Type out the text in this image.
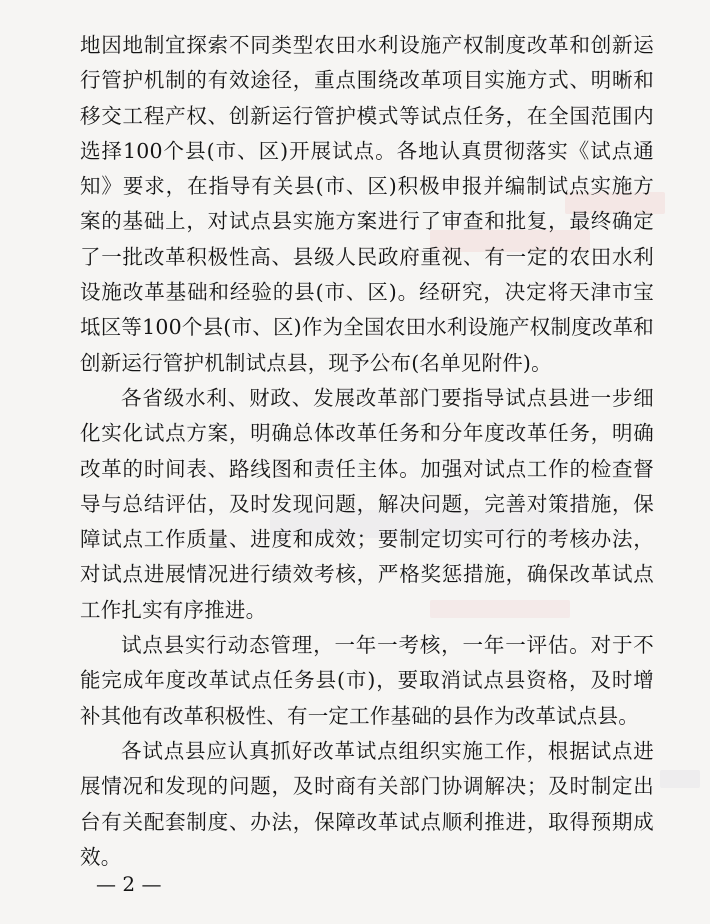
地因地制宜探索不同类型农田水利设施产权制度改革和创新运行管护机制的有效途径，重点围绕改革项目实施方式、明晰和移交工程产权、创新运行管护模式等试点任务，在全国范围内选择100个县(市、区)开展试点。各地认真贯彻落实《试点通知》要求，在指导有关县(市、区)积极申报并编制试点实施方案的基础上，对试点县实施方案进行了审查和批复，最终确定了一批改革积极性高、县级人民政府重视、有一定的农田水利设施改革基础和经验的县(市、区)。经研究，决定将天津市宝坻区等100个县(市、区)作为全国农田水利设施产权制度改革和创新运行管护机制试点县，现予公布(名单见附件)。

各省级水利、财政、发展改革部门要指导试点县进一步细化实化试点方案，明确总体改革任务和分年度改革任务，明确改革的时间表、路线图和责任主体。加强对试点工作的检查督导与总结评估，及时发现问题，解决问题，完善对策措施，保障试点工作质量、进度和成效；要制定切实可行的考核办法，对试点进展情况进行绩效考核，严格奖惩措施，确保改革试点工作扎实有序推进。

试点县实行动态管理，一年一考核，一年一评估。对于不能完成年度改革试点任务县(市)，要取消试点县资格，及时增补其他有改革积极性、有一定工作基础的县作为改革试点县。

各试点县应认真抓好改革试点组织实施工作，根据试点进展情况和发现的问题，及时商有关部门协调解决；及时制定出台有关配套制度、办法，保障改革试点顺利推进，取得预期成效。

— 2 —
